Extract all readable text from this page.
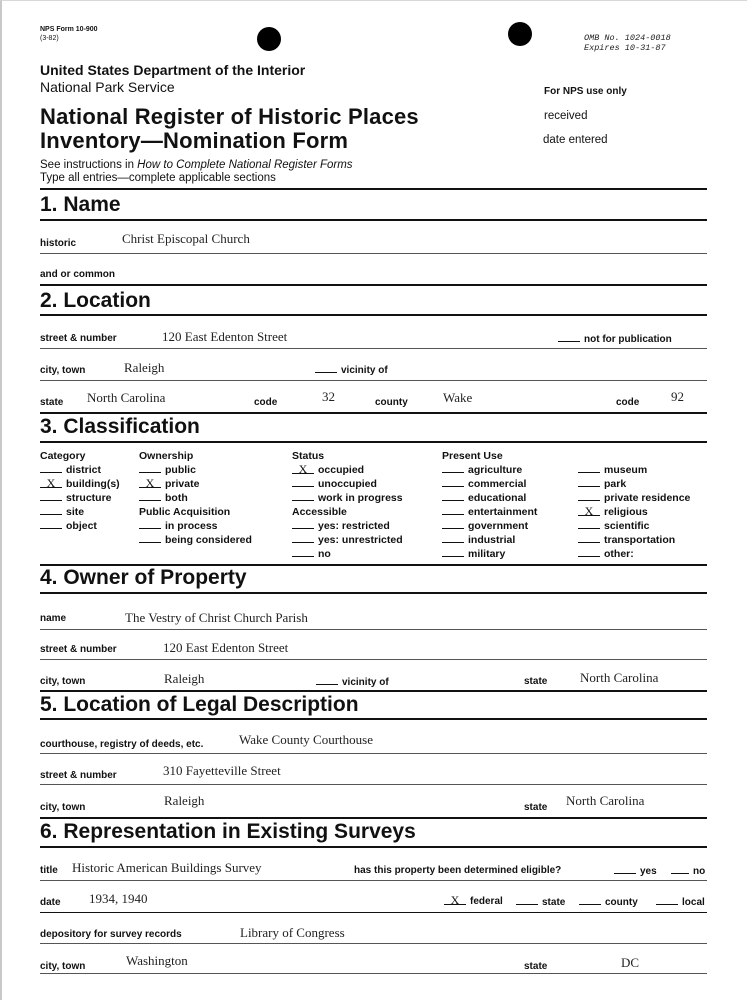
NPS Form 10-900
(3-82)	OMB No. 1024-0018
Expires 10-31-87
United States Department of the Interior
National Park Service	For NPS use only
received
date entered
National Register of Historic Places
Inventory—Nomination Form
See instructions in How to Complete National Register Forms
Type all entries—complete applicable sections
1. Name
historic	Christ Episcopal Church
and or common
2. Location
street & number	120 East Edenton Street	not for publication
city, town	Raleigh	vicinity of
state North Carolina	code	32	county	Wake	code 92
3. Classification
Category
district
X building(s)
structure
site
object
Ownership
public
X private
both
Public Acquisition
in process
being considered
Status
X occupied
unoccupied
work in progress
Accessible
yes: restricted
yes: unrestricted
no
Present Use
agriculture
commercial
educational
entertainment
government
industrial
military
museum
park
private residence
X religious
scientific
transportation
other:
4. Owner of Property
name	The Vestry of Christ Church Parish
street & number	120 East Edenton Street
city, town	Raleigh	vicinity of	state	North Carolina
5. Location of Legal Description
courthouse, registry of deeds, etc.	Wake County Courthouse
street & number	310 Fayetteville Street
city, town	Raleigh	state North Carolina
6. Representation in Existing Surveys
title Historic American Buildings Survey	has this property been determined eligible?	yes	no
date 1934, 1940	X federal	state	county	local
depository for survey records	Library of Congress
city, town	Washington	state	DC
